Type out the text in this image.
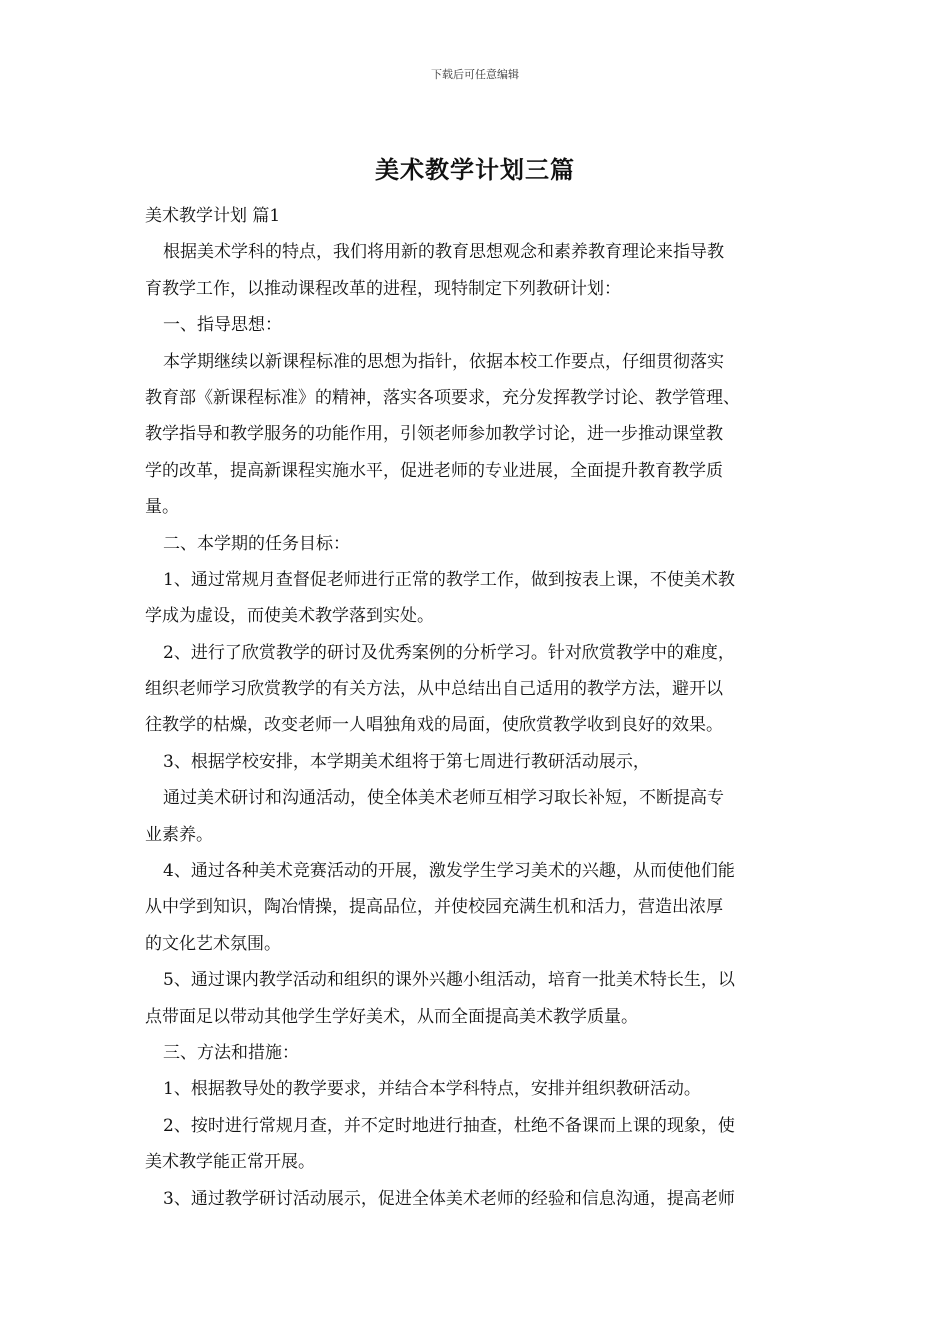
下载后可任意编辑
美术教学计划三篇
美术教学计划 篇1
根据美术学科的特点，我们将用新的教育思想观念和素养教育理论来指导教
育教学工作，以推动课程改革的进程，现特制定下列教研计划：
一、指导思想：
本学期继续以新课程标准的思想为指针，依据本校工作要点，仔细贯彻落实
教育部《新课程标准》的精神，落实各项要求，充分发挥教学讨论、教学管理、
教学指导和教学服务的功能作用，引领老师参加教学讨论，进一步推动课堂教
学的改革，提高新课程实施水平，促进老师的专业进展，全面提升教育教学质
量。
二、本学期的任务目标：
1、通过常规月查督促老师进行正常的教学工作，做到按表上课，不使美术教
学成为虚设，而使美术教学落到实处。
2、进行了欣赏教学的研讨及优秀案例的分析学习。针对欣赏教学中的难度，
组织老师学习欣赏教学的有关方法，从中总结出自己适用的教学方法，避开以
往教学的枯燥，改变老师一人唱独角戏的局面，使欣赏教学收到良好的效果。
3、根据学校安排，本学期美术组将于第七周进行教研活动展示，
通过美术研讨和沟通活动，使全体美术老师互相学习取长补短，不断提高专
业素养。
4、通过各种美术竞赛活动的开展，激发学生学习美术的兴趣，从而使他们能
从中学到知识，陶冶情操，提高品位，并使校园充满生机和活力，营造出浓厚
的文化艺术氛围。
5、通过课内教学活动和组织的课外兴趣小组活动，培育一批美术特长生，以
点带面足以带动其他学生学好美术，从而全面提高美术教学质量。
三、方法和措施：
1、根据教导处的教学要求，并结合本学科特点，安排并组织教研活动。
2、按时进行常规月查，并不定时地进行抽查，杜绝不备课而上课的现象，使
美术教学能正常开展。
3、通过教学研讨活动展示，促进全体美术老师的经验和信息沟通，提高老师
